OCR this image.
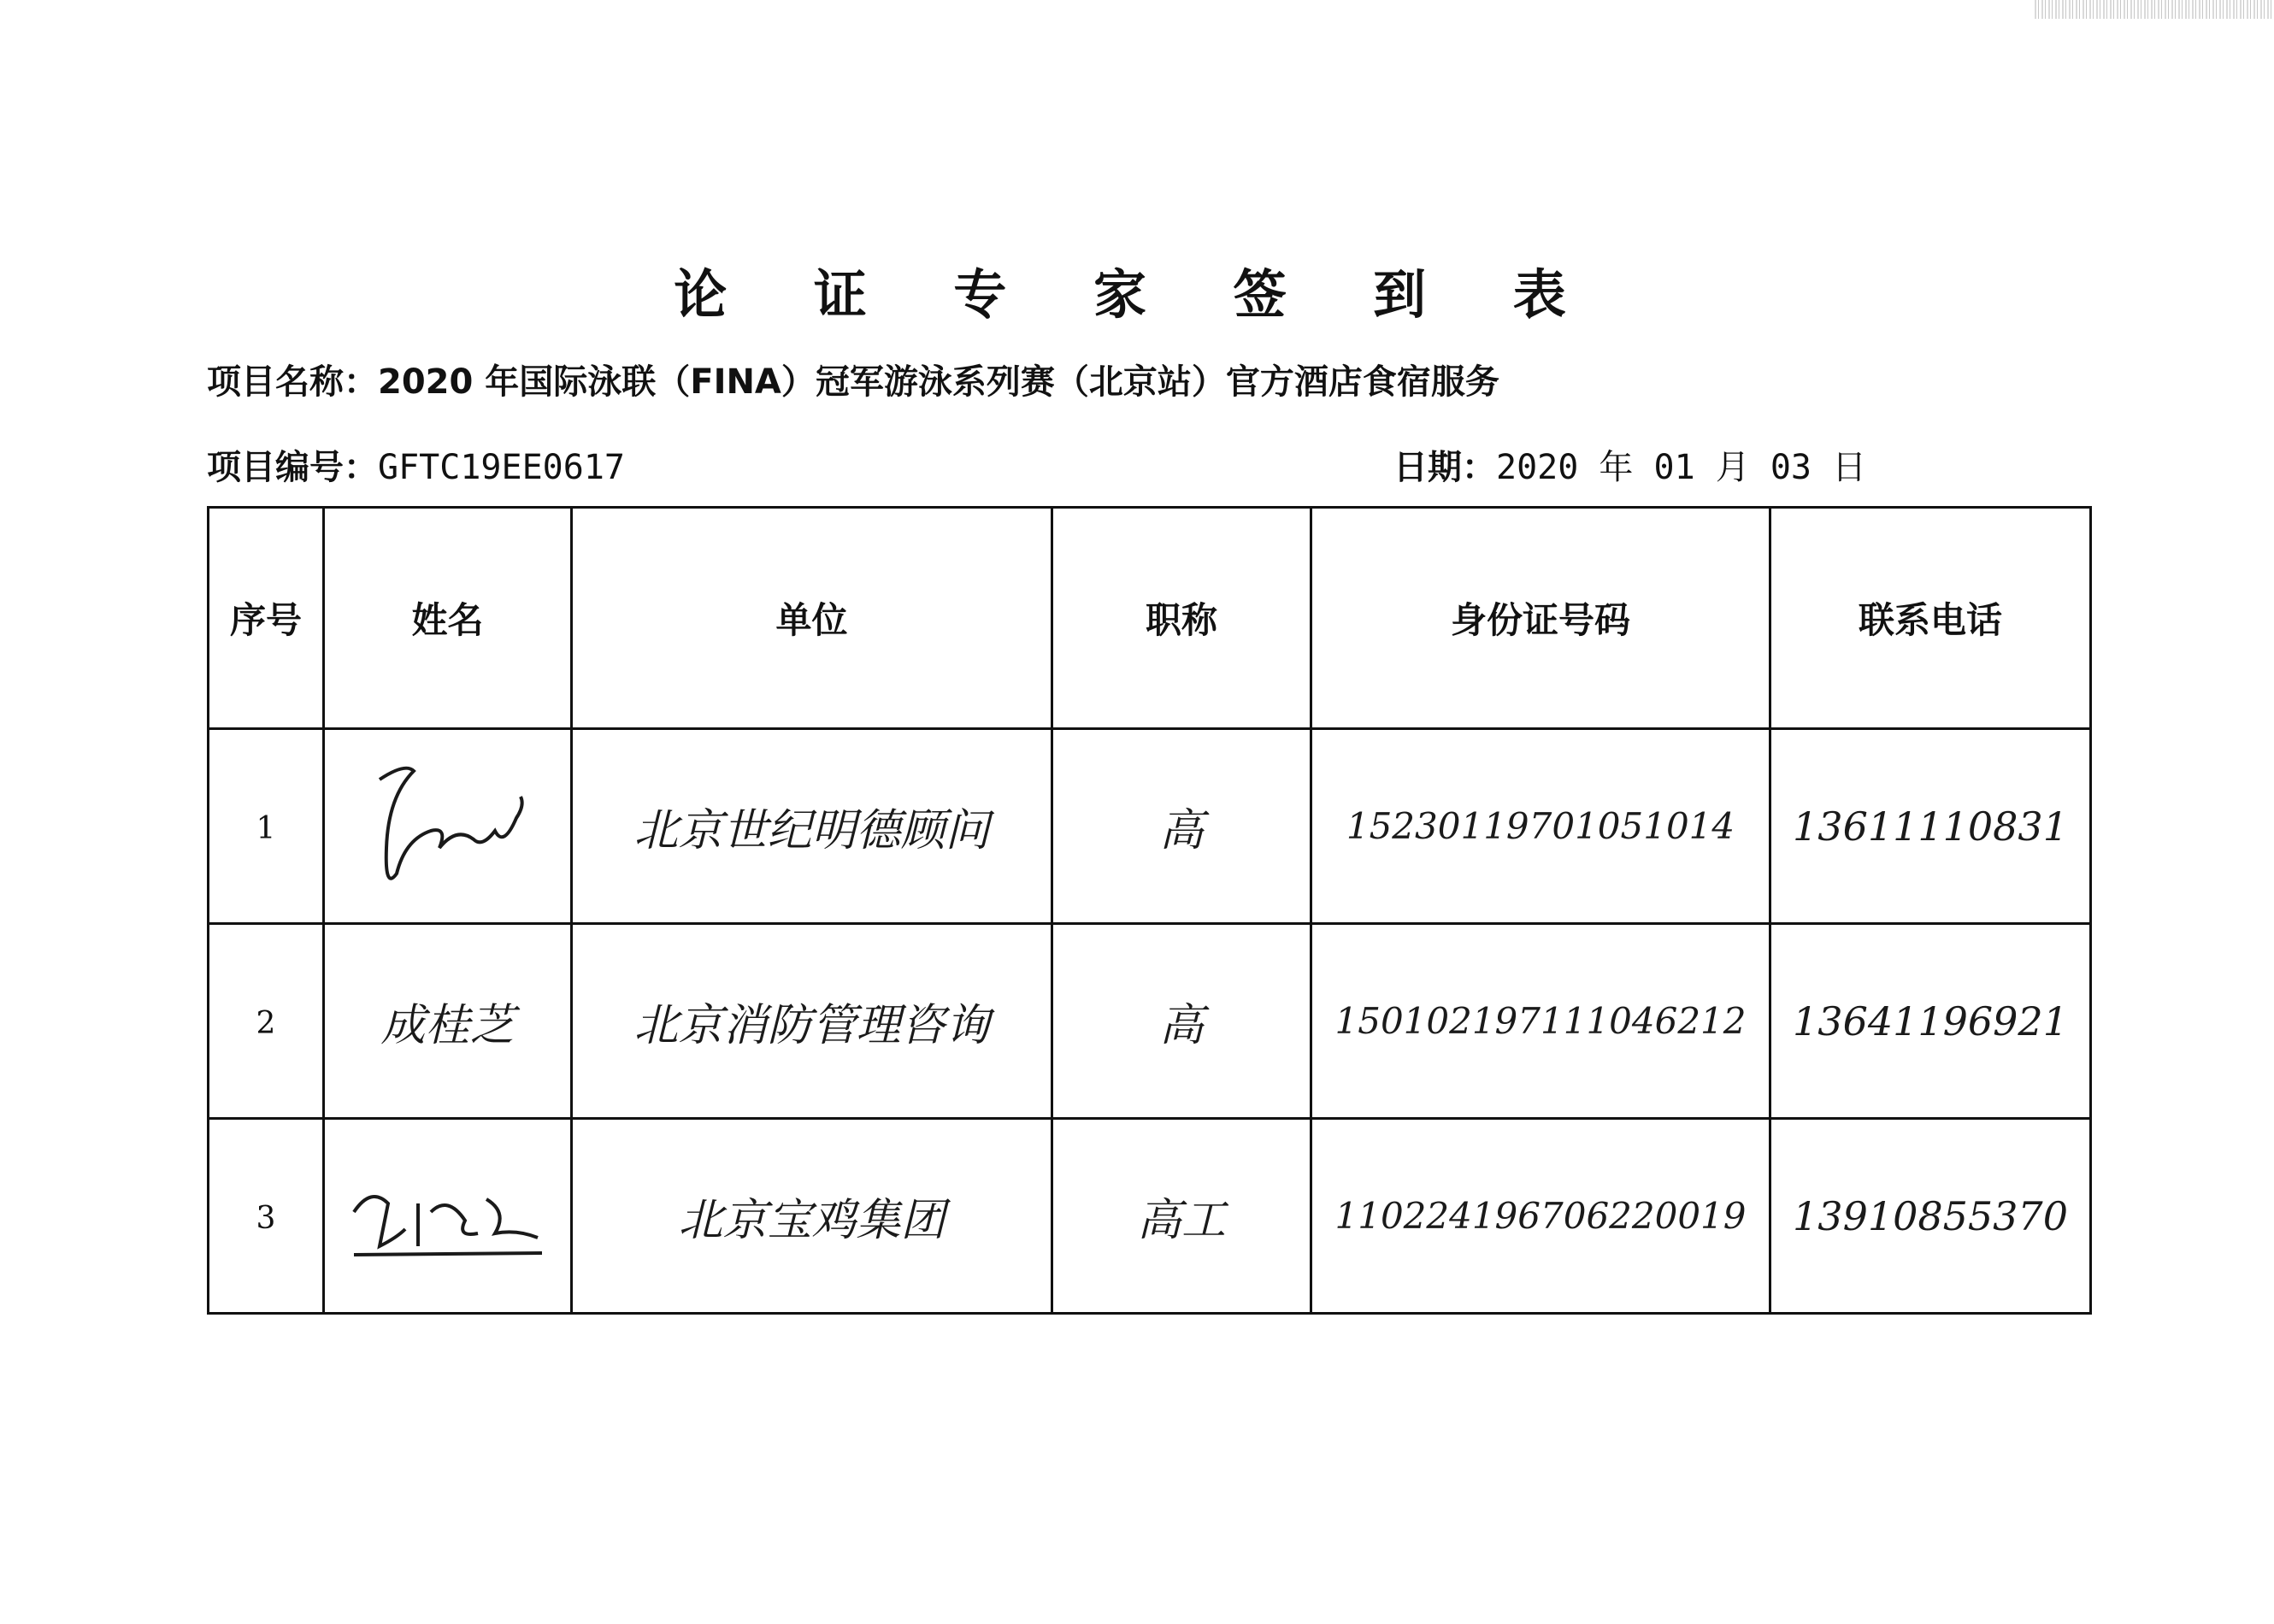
论 证 专 家 签 到 表
项目名称：2020 年国际泳联（FINA）冠军游泳系列赛（北京站）官方酒店食宿服务
项目编号：GFTC19EE0617	日期：2020 年 01 月 03 日
序号	姓名	单位	职称	身份证号码	联系电话

1		北京世纪明德顾问	高	15230119701051014	13611110831

2	成桂芝	北京消防管理咨询	高	150102197111046212	13641196921

3		北京宝鸡集团	高工	110224196706220019	13910855370
